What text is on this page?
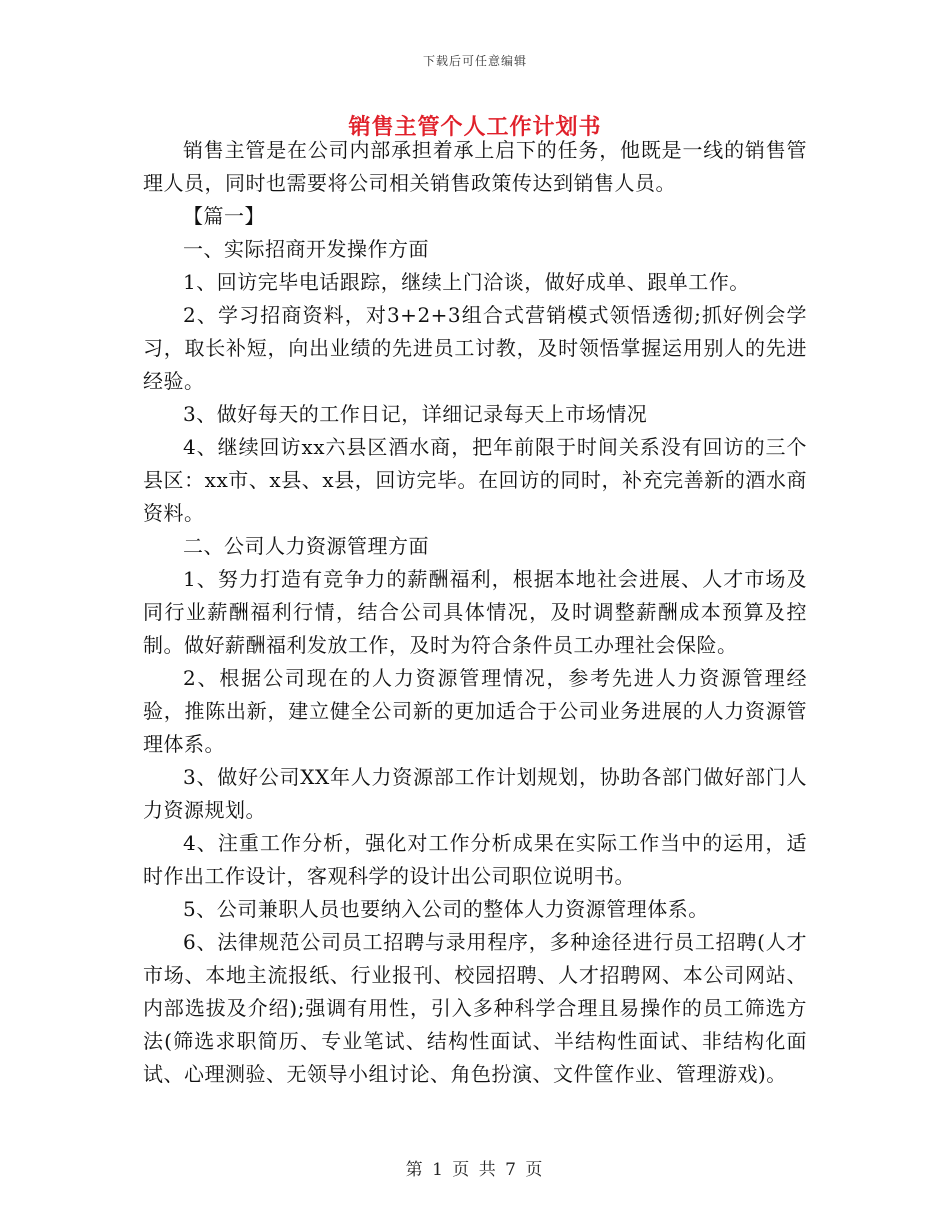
下载后可任意编辑
销售主管个人工作计划书

销售主管是在公司内部承担着承上启下的任务，他既是一线的销售管理人员，同时也需要将公司相关销售政策传达到销售人员。

【篇一】

一、实际招商开发操作方面

1、回访完毕电话跟踪，继续上门洽谈，做好成单、跟单工作。

2、学习招商资料，对3+2+3组合式营销模式领悟透彻;抓好例会学习，取长补短，向出业绩的先进员工讨教，及时领悟掌握运用别人的先进经验。

3、做好每天的工作日记，详细记录每天上市场情况

4、继续回访xx六县区酒水商，把年前限于时间关系没有回访的三个县区：xx市、x县、x县，回访完毕。在回访的同时，补充完善新的酒水商资料。

二、公司人力资源管理方面

1、努力打造有竞争力的薪酬福利，根据本地社会进展、人才市场及同行业薪酬福利行情，结合公司具体情况，及时调整薪酬成本预算及控制。做好薪酬福利发放工作，及时为符合条件员工办理社会保险。

2、根据公司现在的人力资源管理情况，参考先进人力资源管理经验，推陈出新，建立健全公司新的更加适合于公司业务进展的人力资源管理体系。

3、做好公司XX年人力资源部工作计划规划，协助各部门做好部门人力资源规划。

4、注重工作分析，强化对工作分析成果在实际工作当中的运用，适时作出工作设计，客观科学的设计出公司职位说明书。

5、公司兼职人员也要纳入公司的整体人力资源管理体系。

6、法律规范公司员工招聘与录用程序，多种途径进行员工招聘(人才市场、本地主流报纸、行业报刊、校园招聘、人才招聘网、本公司网站、内部选拔及介绍);强调有用性，引入多种科学合理且易操作的员工筛选方法(筛选求职简历、专业笔试、结构性面试、半结构性面试、非结构化面试、心理测验、无领导小组讨论、角色扮演、文件筐作业、管理游戏)。

第 1 页 共 7 页
